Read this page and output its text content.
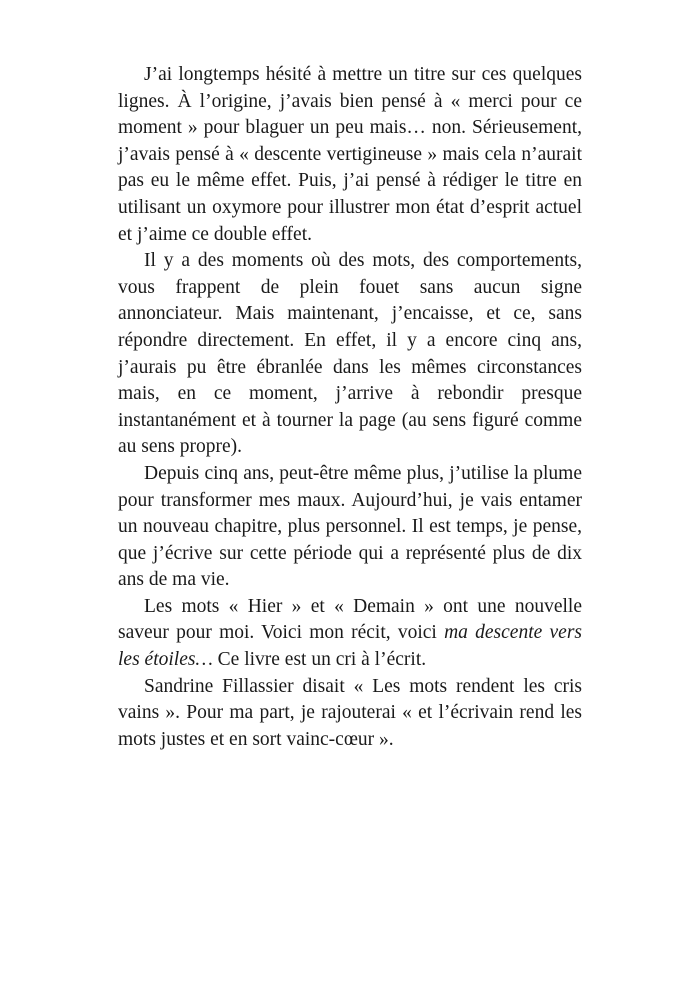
J’ai longtemps hésité à mettre un titre sur ces quelques lignes. À l’origine, j’avais bien pensé à « merci pour ce moment » pour blaguer un peu mais… non. Sérieusement, j’avais pensé à « descente vertigineuse » mais cela n’aurait pas eu le même effet. Puis, j’ai pensé à rédiger le titre en utilisant un oxymore pour illustrer mon état d’esprit actuel et j’aime ce double effet.

Il y a des moments où des mots, des comportements, vous frappent de plein fouet sans aucun signe annonciateur. Mais maintenant, j’encaisse, et ce, sans répondre directement. En effet, il y a encore cinq ans, j’aurais pu être ébranlée dans les mêmes circonstances mais, en ce moment, j’arrive à rebondir presque instantanément et à tourner la page (au sens figuré comme au sens propre).

Depuis cinq ans, peut-être même plus, j’utilise la plume pour transformer mes maux. Aujourd’hui, je vais entamer un nouveau chapitre, plus personnel. Il est temps, je pense, que j’écrive sur cette période qui a représenté plus de dix ans de ma vie.

Les mots « Hier » et « Demain » ont une nouvelle saveur pour moi. Voici mon récit, voici ma descente vers les étoiles… Ce livre est un cri à l’écrit.

Sandrine Fillassier disait « Les mots rendent les cris vains ». Pour ma part, je rajouterai « et l’écrivain rend les mots justes et en sort vainc-cœur ».
